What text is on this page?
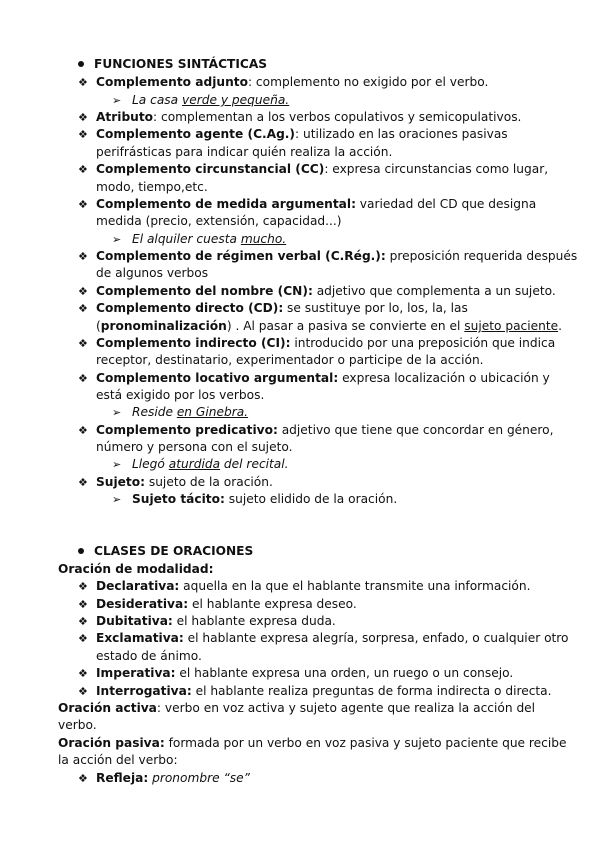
FUNCIONES SINTÁCTICAS
❖ Complemento adjunto: complemento no exigido por el verbo.
➢ La casa verde y pequeña.
❖ Atributo: complementan a los verbos copulativos y semicopulativos.
❖ Complemento agente (C.Ag.): utilizado en las oraciones pasivas
perifrásticas para indicar quién realiza la acción.
❖ Complemento circunstancial (CC): expresa circunstancias como lugar,
modo, tiempo,etc.
❖ Complemento de medida argumental: variedad del CD que designa
medida (precio, extensión, capacidad...)
➢ El alquiler cuesta mucho.
❖ Complemento de régimen verbal (C.Rég.): preposición requerida después
de algunos verbos
❖ Complemento del nombre (CN): adjetivo que complementa a un sujeto.
❖ Complemento directo (CD): se sustituye por lo, los, la, las
(pronominalización) . Al pasar a pasiva se convierte en el sujeto paciente.
❖ Complemento indirecto (CI): introducido por una preposición que indica
receptor, destinatario, experimentador o participe de la acción.
❖ Complemento locativo argumental: expresa localización o ubicación y
está exigido por los verbos.
➢ Reside en Ginebra.
❖ Complemento predicativo: adjetivo que tiene que concordar en género,
número y persona con el sujeto.
➢ Llegó aturdida del recital.
❖ Sujeto: sujeto de la oración.
➢ Sujeto tácito: sujeto elidido de la oración.
CLASES DE ORACIONES
Oración de modalidad:
❖ Declarativa: aquella en la que el hablante transmite una información.
❖ Desiderativa: el hablante expresa deseo.
❖ Dubitativa: el hablante expresa duda.
❖ Exclamativa: el hablante expresa alegría, sorpresa, enfado, o cualquier otro
estado de ánimo.
❖ Imperativa: el hablante expresa una orden, un ruego o un consejo.
❖ Interrogativa: el hablante realiza preguntas de forma indirecta o directa.
Oración activa: verbo en voz activa y sujeto agente que realiza la acción del
verbo.
Oración pasiva: formada por un verbo en voz pasiva y sujeto paciente que recibe
la acción del verbo:
❖ Refleja: pronombre “se”
